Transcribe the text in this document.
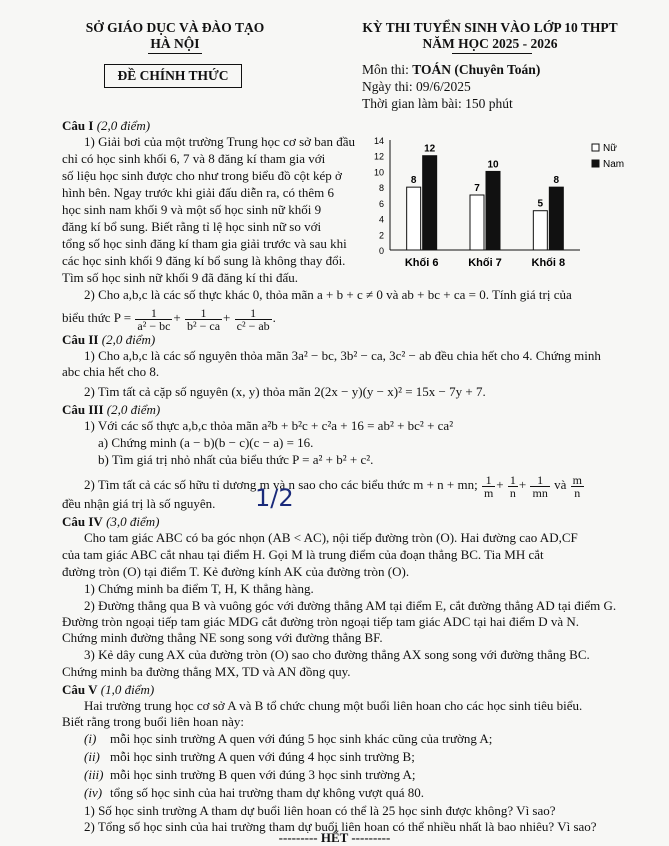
SỞ GIÁO DỤC VÀ ĐÀO TẠO
HÀ NỘI
ĐỀ CHÍNH THỨC
KỲ THI TUYỂN SINH VÀO LỚP 10 THPT
NĂM HỌC 2025 - 2026
Môn thi: TOÁN (Chuyên Toán)
Ngày thi: 09/6/2025
Thời gian làm bài: 150 phút
Câu I (2,0 điểm)
1) Giải bơi của một trường Trung học cơ sở ban đầu
chỉ có học sinh khối 6, 7 và 8 đăng kí tham gia với
số liệu học sinh được cho như trong biểu đồ cột kép ở
hình bên. Ngay trước khi giải đấu diễn ra, có thêm 6
học sinh nam khối 9 và một số học sinh nữ khối 9
đăng kí bổ sung. Biết rằng tỉ lệ học sinh nữ so với
tổng số học sinh đăng kí tham gia giải trước và sau khi
các học sinh khối 9 đăng kí bổ sung là không thay đổi.
Tìm số học sinh nữ khối 9 đã đăng kí thi đấu.
0
2
4
6
8
10
12
14
8
12
Khối 6
7
10
Khối 7
5
8
Khối 8
Nữ
Nam
2) Cho a,b,c là các số thực khác 0, thỏa mãn a + b + c ≠ 0 và ab + bc + ca = 0. Tính giá trị của
biểu thức $P = \frac{1}{\text{a² − bc}} + \frac{1}{\text{b² − ca}} + \frac{1}{\text{c² − ab}}$ .
Câu II (2,0 điểm)
1) Cho a,b,c là các số nguyên thỏa mãn 3a² − bc, 3b² − ca, 3c² − ab đều chia hết cho 4. Chứng minh
abc chia hết cho 8.
2) Tìm tất cả cặp số nguyên (x, y) thỏa mãn 2(2x − y)(y − x)² = 15x − 7y + 7.
Câu III (2,0 điểm)
1) Với các số thực a,b,c thỏa mãn a²b + b²c + c²a + 16 = ab² + bc² + ca²
a) Chứng minh (a − b)(b − c)(c − a) = 16.
b) Tìm giá trị nhỏ nhất của biểu thức P = a² + b² + c².
2) Tìm tất cả các số hữu tỉ dương m và n sao cho các biểu thức m + n + mn; $\frac{1}{m} + \frac{1}{n} + \frac{1}{mn}$ và $\frac{m}{n}$
đều nhận giá trị là số nguyên. 1/2
Câu IV (3,0 điểm)
Cho tam giác ABC có ba góc nhọn (AB < AC), nội tiếp đường tròn (O). Hai đường cao AD,CF
của tam giác ABC cắt nhau tại điểm H. Gọi M là trung điểm của đoạn thẳng BC. Tia MH cắt
đường tròn (O) tại điểm T. Kẻ đường kính AK của đường tròn (O).
1) Chứng minh ba điểm T, H, K thẳng hàng.
2) Đường thẳng qua B và vuông góc với đường thẳng AM tại điểm E, cắt đường thẳng AD tại điểm G.
Đường tròn ngoại tiếp tam giác MDG cắt đường tròn ngoại tiếp tam giác ADC tại hai điểm D và N.
Chứng minh đường thẳng NE song song với đường thẳng BF.
3) Kẻ dây cung AX của đường tròn (O) sao cho đường thẳng AX song song với đường thẳng BC.
Chứng minh ba đường thẳng MX, TD và AN đồng quy.
Câu V (1,0 điểm)
Hai trường trung học cơ sở A và B tổ chức chung một buổi liên hoan cho các học sinh tiêu biểu.
Biết rằng trong buổi liên hoan này:
(i) mỗi học sinh trường A quen với đúng 5 học sinh khác cũng của trường A;
(ii) mỗi học sinh trường A quen với đúng 4 học sinh trường B;
(iii) mỗi học sinh trường B quen với đúng 3 học sinh trường A;
(iv) tổng số học sinh của hai trường tham dự không vượt quá 80.
1) Số học sinh trường A tham dự buổi liên hoan có thể là 25 học sinh được không? Vì sao?
2) Tổng số học sinh của hai trường tham dự buổi liên hoan có thể nhiều nhất là bao nhiêu? Vì sao?
--------- HẾT ---------
